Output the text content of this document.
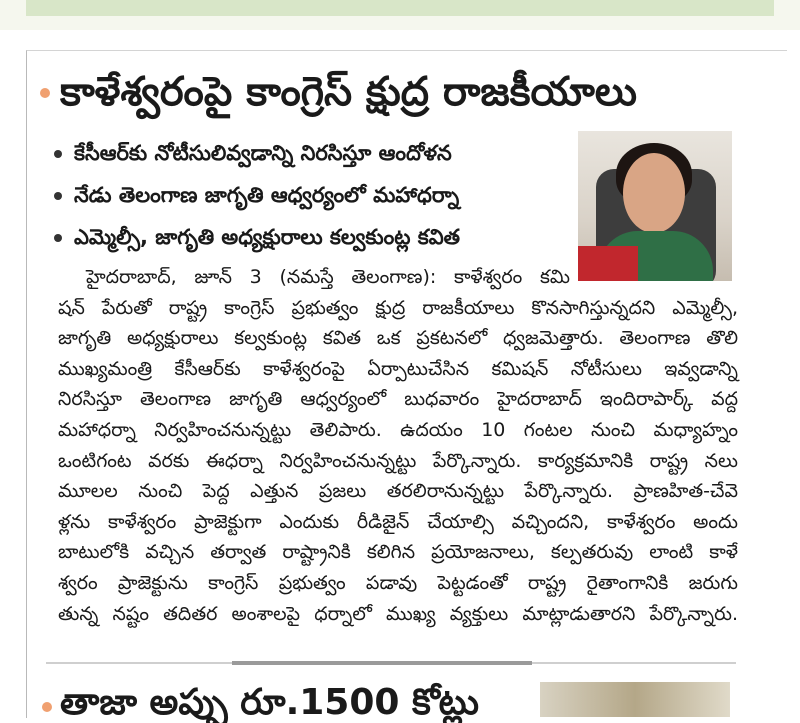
కాళేశ్వరంపై కాంగ్రెస్ క్షుద్ర రాజకీయాలు
కేసీఆర్‌కు నోటీసులివ్వడాన్ని నిరసిస్తూ ఆందోళన
నేడు తెలంగాణ జాగృతి ఆధ్వర్యంలో మహాధర్నా
ఎమ్మెల్సీ, జాగృతి అధ్యక్షురాలు కల్వకుంట్ల కవిత

హైదరాబాద్, జూన్ 3 (నమస్తే తెలంగాణ): కాళేశ్వరం కమి

షన్ పేరుతో రాష్ట్ర కాంగ్రెస్ ప్రభుత్వం క్షుద్ర రాజకీయాలు కొనసాగిస్తున్నదని ఎమ్మెల్సీ,

జాగృతి అధ్యక్షురాలు కల్వకుంట్ల కవిత ఒక ప్రకటనలో ధ్వజమెత్తారు. తెలంగాణ తొలి

ముఖ్యమంత్రి కేసీఆర్‌కు కాళేశ్వరంపై ఏర్పాటుచేసిన కమిషన్ నోటీసులు ఇవ్వడాన్ని

నిరసిస్తూ తెలంగాణ జాగృతి ఆధ్వర్యంలో బుధవారం హైదరాబాద్ ఇందిరాపార్క్ వద్ద

మహాధర్నా నిర్వహించనున్నట్టు తెలిపారు. ఉదయం 10 గంటల నుంచి మధ్యాహ్నం

ఒంటిగంట వరకు ఈధర్నా నిర్వహించనున్నట్టు పేర్కొన్నారు. కార్యక్రమానికి రాష్ట్ర నలు

మూలల నుంచి పెద్ద ఎత్తున ప్రజలు తరలిరానున్నట్టు పేర్కొన్నారు. ప్రాణహిత-చేవె

ళ్లను కాళేశ్వరం ప్రాజెక్టుగా ఎందుకు రీడిజైన్ చేయాల్సి వచ్చిందని, కాళేశ్వరం అందు

బాటులోకి వచ్చిన తర్వాత రాష్ట్రానికి కలిగిన ప్రయోజనాలు, కల్పతరువు లాంటి కాళే

శ్వరం ప్రాజెక్టును కాంగ్రెస్ ప్రభుత్వం పడావు పెట్టడంతో రాష్ట్ర రైతాంగానికి జరుగు

తున్న నష్టం తదితర అంశాలపై ధర్నాలో ముఖ్య వ్యక్తులు మాట్లాడుతారని పేర్కొన్నారు.

తాజా అప్పు రూ.1500 కోట్లు
